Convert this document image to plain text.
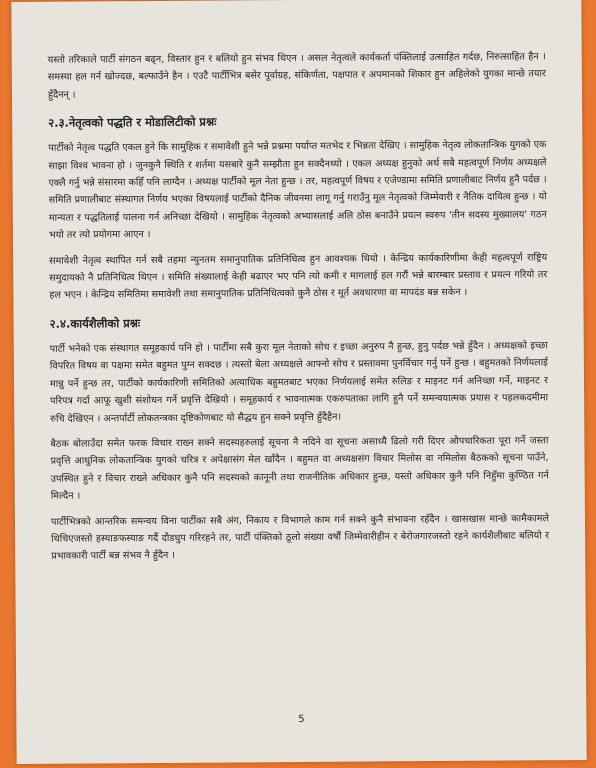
यस्तो तरिकाले पार्टी संगठन बढ्न, विस्तार हुन र बलियो हुन संभव थिएन । असल नेतृत्वले कार्यकर्ता पंक्तिलाई उत्साहित गर्दछ, निरुत्साहित हैन । समस्या हल गर्न खोज्दछ, बल्फाउँने हैन । एउटै पार्टीभित्र बसेर पूर्वाग्रह, संकिर्णता, पक्षपात र अपमानको शिकार हुन अहिलेको युगका मान्छे तयार हुँदैनन् ।

२.३.नेतृत्वको पद्धति र मोडालिटीको प्रश्नः

पार्टीको नेतृत्व पद्धति एकल हुने कि सामुहिक र समावेशी हुने भन्ने प्रश्नमा पर्याप्त मतभेद र भिन्नता देखिए । सामुहिक नेतृत्व लोकतान्त्रिक युगको एक साझा विश्व भावना हो । जुनकुनै स्थिति र शर्तमा यसबारे कुनै सम्झौता हुन सक्दैनथ्यो । एकल अध्यक्ष हुनुको अर्थ सबै महत्वपूर्ण निर्णय अध्यक्षले एक्लै गर्नु भन्ने संसारमा कहिँ पनि लाग्दैन । अध्यक्ष पार्टीको मूल नेता हुन्छ । तर, महत्वपूर्ण विषय र एजेण्डामा समिति प्रणालीबाट निर्णय हुनै पर्दछ । समिति प्रणालीबाट संस्थागत निर्णय भएका विषयलाई पार्टीको दैनिक जीवनमा लागू गर्नु गराउँनु मूल नेतृत्वको जिम्मेवारी र नैतिक दायित्व हुन्छ । यो मान्यता र पद्धतिलाई पालना गर्न अनिच्छा देखियो । सामुहिक नेतृत्वको अभ्यासलाई अलि ठोस बनाउँने प्रयत्न स्वरुप 'तीन सदस्य मुख्यालय' गठन भयो तर त्यो प्रयोगमा आएन ।

समावेशी नेतृत्व स्थापित गर्न सबै तहमा न्युनतम समानुपातिक प्रतिनिधित्व हुन आवश्यक थियो । केन्द्रिय कार्यकारिणीमा केही महत्वपूर्ण राष्ट्रिय समुदायको नै प्रतिनिधित्व थिएन । समिति संख्यालाई केही बढाएर भए पनि त्यो कमी र मागलाई हल गरौं भन्ने बारम्बार प्रस्ताव र प्रयत्न गरियो तर हल भएन । केन्द्रिय समितिमा समावेशी तथा समानुपातिक प्रतिनिधित्वको कुनै ठोस र मूर्त अवधारणा वा मापदंड बन्न सकेन ।

२.४.कार्यशैलीको प्रश्नः

पार्टी भनेको एक संस्थागत समूहकार्य पनि हो । पार्टीमा सबै कुरा मूल नेताको सोच र इच्छा अनुरुप नै हुन्छ, हुनु पर्दछ भन्ने हुँदैन । अध्यक्षको इच्छा विपरित विषय वा पक्षमा समेत बहुमत पुग्न सक्दछ । त्यस्तो बेला अध्यक्षले आफ्नो सोच र प्रस्तावमा पुनर्विचार गर्नु पर्ने हुन्छ । बहुमतको निर्णयलाई मान्नु पर्ने हुन्छ तर, पार्टीको कार्यकारिणी समितिको अत्याधिक बहुमतबाट भएका निर्णयलाई समेत रुलिङ र माइनट गर्न अनिच्छा गर्ने, माइनट र परिपत्र गर्दा आफू खुशी संशोधन गर्ने प्रवृत्ति देखियो । समूहकार्य र भावनात्मक एकरुपताका लागि हुनै पर्ने समन्वयात्मक प्रयास र पहलकदमीमा रुचि देखिएन । अन्तर्पार्टी लोकतन्त्रका दृष्टिकोणबाट यो सैद्धय हुन सक्ने प्रवृत्ति हुँदैहैन।

बैठक बोलाउँदा समेत फरक विचार राख्न सक्ने सदस्यहरुलाई सूचना नै नदिने वा सूचना असाध्यै ढिलो गरी दिएर औपचारिकता पूरा गर्ने जस्ता प्रवृत्ति आधुनिक लोकतान्त्रिक युगको चरित्र र अपेक्षासंग मेल खाँदैन । बहुमत वा अध्यक्षसंग विचार मिलोस वा नमिलोस बैठकको सूचना पाउँने, उपस्थित हुने र विचार राख्ने अधिकार कुनै पनि सदस्यको कानूनी तथा राजनीतिक अधिकार हुन्छ, यस्तो अधिकार कुनै पनि निहुँमा कुण्ठित गर्न मिल्दैन ।

पार्टीभित्रको आन्तरिक समन्वय विना पार्टीका सबै अंग, निकाय र विभागले काम गर्न सक्ने कुनै संभावना रहँदैन । खासखास मान्छे कामैकामले थिचिएजस्तो हस्याङफस्याङ गर्दै दौडधुप गरिरहने तर, पार्टी पंक्तिको ठूलो संख्या वर्षौं जिम्मेवारीहीन र बेरोजगारजस्तो रहने कार्यशैलीबाट बलियो र प्रभावकारी पार्टी बन्न संभव नै हुँदैन ।

5
